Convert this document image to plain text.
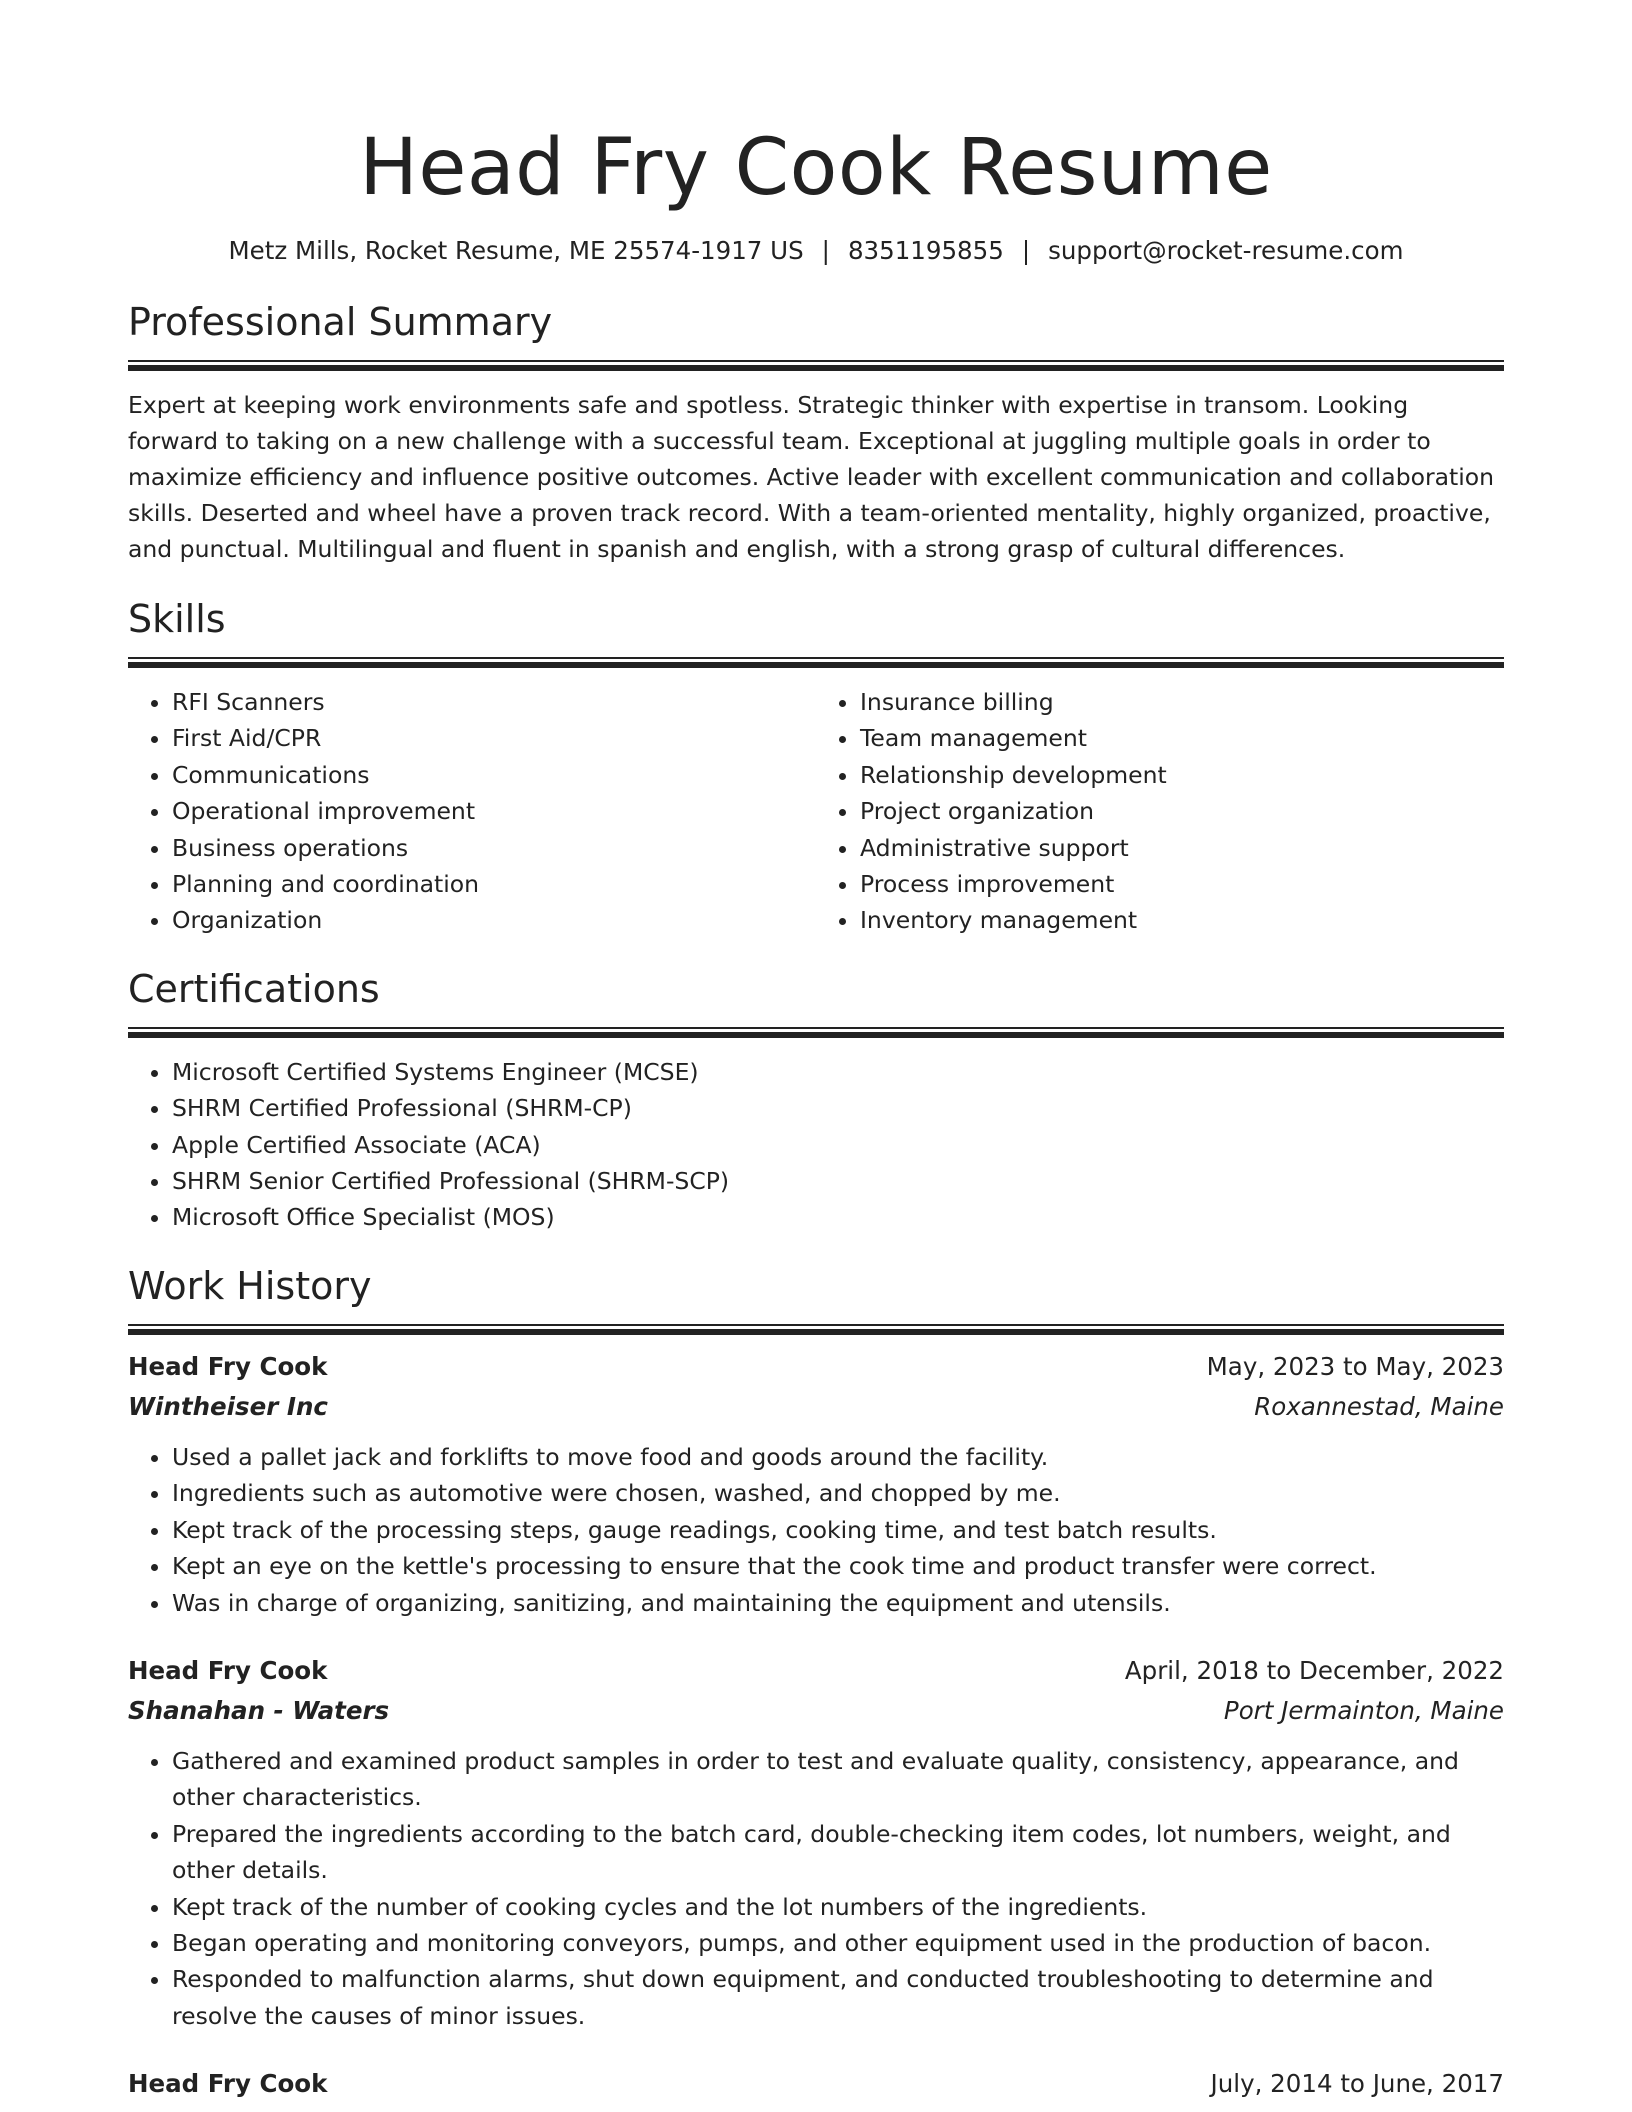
Head Fry Cook Resume
Metz Mills, Rocket Resume, ME 25574-1917 US | 8351195855 | support@rocket-resume.com
Professional Summary

Expert at keeping work environments safe and spotless. Strategic thinker with expertise in transom. Looking forward to taking on a new challenge with a successful team. Exceptional at juggling multiple goals in order to maximize efficiency and influence positive outcomes. Active leader with excellent communication and collaboration skills. Deserted and wheel have a proven track record. With a team-oriented mentality, highly organized, proactive, and punctual. Multilingual and fluent in spanish and english, with a strong grasp of cultural differences.

Skills
• RFI Scanners
• First Aid/CPR
• Communications
• Operational improvement
• Business operations
• Planning and coordination
• Organization
• Insurance billing
• Team management
• Relationship development
• Project organization
• Administrative support
• Process improvement
• Inventory management
Certifications
• Microsoft Certified Systems Engineer (MCSE)
• SHRM Certified Professional (SHRM-CP)
• Apple Certified Associate (ACA)
• SHRM Senior Certified Professional (SHRM-SCP)
• Microsoft Office Specialist (MOS)
Work History
Head Fry Cook	May, 2023 to May, 2023
Wintheiser Inc	Roxannestad, Maine
• Used a pallet jack and forklifts to move food and goods around the facility.
• Ingredients such as automotive were chosen, washed, and chopped by me.
• Kept track of the processing steps, gauge readings, cooking time, and test batch results.
• Kept an eye on the kettle's processing to ensure that the cook time and product transfer were correct.
• Was in charge of organizing, sanitizing, and maintaining the equipment and utensils.
Head Fry Cook	April, 2018 to December, 2022
Shanahan - Waters	Port Jermainton, Maine
• Gathered and examined product samples in order to test and evaluate quality, consistency, appearance, and other characteristics.
• Prepared the ingredients according to the batch card, double-checking item codes, lot numbers, weight, and other details.
• Kept track of the number of cooking cycles and the lot numbers of the ingredients.
• Began operating and monitoring conveyors, pumps, and other equipment used in the production of bacon.
• Responded to malfunction alarms, shut down equipment, and conducted troubleshooting to determine and resolve the causes of minor issues.
Head Fry Cook	July, 2014 to June, 2017
